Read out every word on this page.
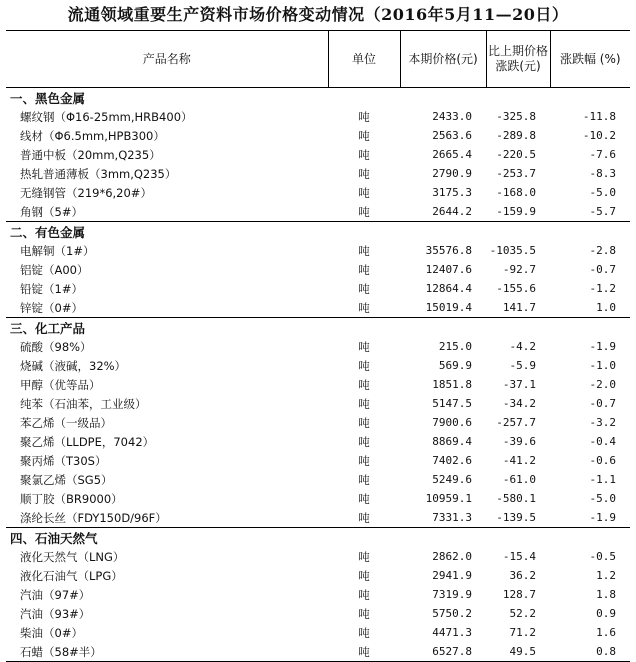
流通领域重要生产资料市场价格变动情况（2016年5月11—20日）
产品名称	单位	本期价格(元)	比上期价格涨跌(元)	涨跌幅 (%)
一、黑色金属				
螺纹钢（Φ16-25mm,HRB400）	吨	2433.0	-325.8	-11.8
线材（Φ6.5mm,HPB300）	吨	2563.6	-289.8	-10.2
普通中板（20mm,Q235）	吨	2665.4	-220.5	-7.6
热轧普通薄板（3mm,Q235）	吨	2790.9	-253.7	-8.3
无缝钢管（219*6,20#）	吨	3175.3	-168.0	-5.0
角钢（5#）	吨	2644.2	-159.9	-5.7
二、有色金属				
电解铜（1#）	吨	35576.8	-1035.5	-2.8
铝锭（A00）	吨	12407.6	-92.7	-0.7
铅锭（1#）	吨	12864.4	-155.6	-1.2
锌锭（0#）	吨	15019.4	141.7	1.0
三、化工产品				
硫酸（98%）	吨	215.0	-4.2	-1.9
烧碱（液碱，32%）	吨	569.9	-5.9	-1.0
甲醇（优等品）	吨	1851.8	-37.1	-2.0
纯苯（石油苯，工业级）	吨	5147.5	-34.2	-0.7
苯乙烯（一级品）	吨	7900.6	-257.7	-3.2
聚乙烯（LLDPE，7042）	吨	8869.4	-39.6	-0.4
聚丙烯（T30S）	吨	7402.6	-41.2	-0.6
聚氯乙烯（SG5）	吨	5249.6	-61.0	-1.1
顺丁胶（BR9000）	吨	10959.1	-580.1	-5.0
涤纶长丝（FDY150D/96F）	吨	7331.3	-139.5	-1.9
四、石油天然气				
液化天然气（LNG）	吨	2862.0	-15.4	-0.5
液化石油气（LPG）	吨	2941.9	36.2	1.2
汽油（97#）	吨	7319.9	128.7	1.8
汽油（93#）	吨	5750.2	52.2	0.9
柴油（0#）	吨	4471.3	71.2	1.6
石蜡（58#半）	吨	6527.8	49.5	0.8
